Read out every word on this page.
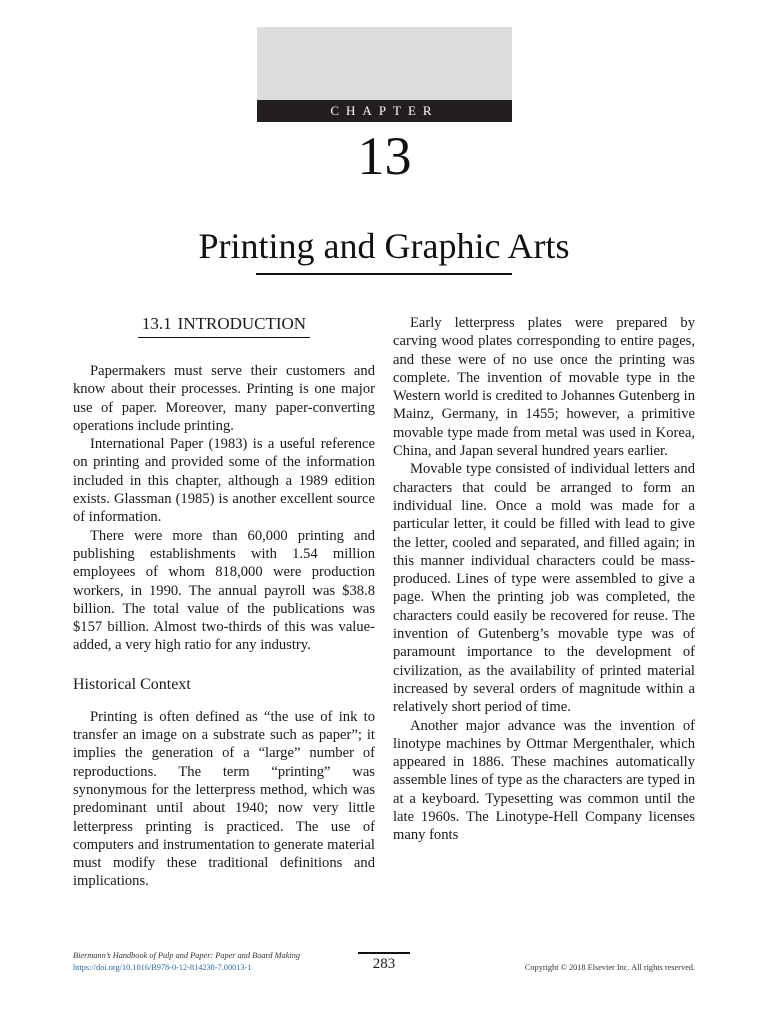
CHAPTER
13
Printing and Graphic Arts
13.1 INTRODUCTION

Papermakers must serve their customers and know about their processes. Printing is one major use of paper. Moreover, many paper-converting operations include printing.

International Paper (1983) is a useful reference on printing and provided some of the information included in this chapter, although a 1989 edition exists. Glassman (1985) is another excellent source of information.

There were more than 60,000 printing and publishing establishments with 1.54 million employees of whom 818,000 were production workers, in 1990. The annual payroll was $38.8 billion. The total value of the publications was $157 billion. Almost two-thirds of this was value-added, a very high ratio for any industry.

Historical Context

Printing is often defined as “the use of ink to transfer an image on a substrate such as paper”; it implies the generation of a “large” number of reproductions. The term “printing” was synonymous for the letterpress method, which was predominant until about 1940; now very little letterpress printing is practiced. The use of computers and instrumentation to generate material must modify these traditional definitions and implications.

Early letterpress plates were prepared by carving wood plates corresponding to entire pages, and these were of no use once the printing was complete. The invention of movable type in the Western world is credited to Johannes Gutenberg in Mainz, Germany, in 1455; however, a primitive movable type made from metal was used in Korea, China, and Japan several hundred years earlier.

Movable type consisted of individual letters and characters that could be arranged to form an individual line. Once a mold was made for a particular letter, it could be filled with lead to give the letter, cooled and separated, and filled again; in this manner individual characters could be mass-produced. Lines of type were assembled to give a page. When the printing job was completed, the characters could easily be recovered for reuse. The invention of Gutenberg’s movable type was of paramount importance to the development of civilization, as the availability of printed material increased by several orders of magnitude within a relatively short period of time.

Another major advance was the invention of linotype machines by Ottmar Mergenthaler, which appeared in 1886. These machines automatically assemble lines of type as the characters are typed in at a keyboard. Typesetting was common until the late 1960s. The Linotype-Hell Company licenses many fonts

Biermann’s Handbook of Pulp and Paper: Paper and Board Making
https://doi.org/10.1016/B978-0-12-814238-7.00013-1	283	Copyright © 2018 Elsevier Inc. All rights reserved.
